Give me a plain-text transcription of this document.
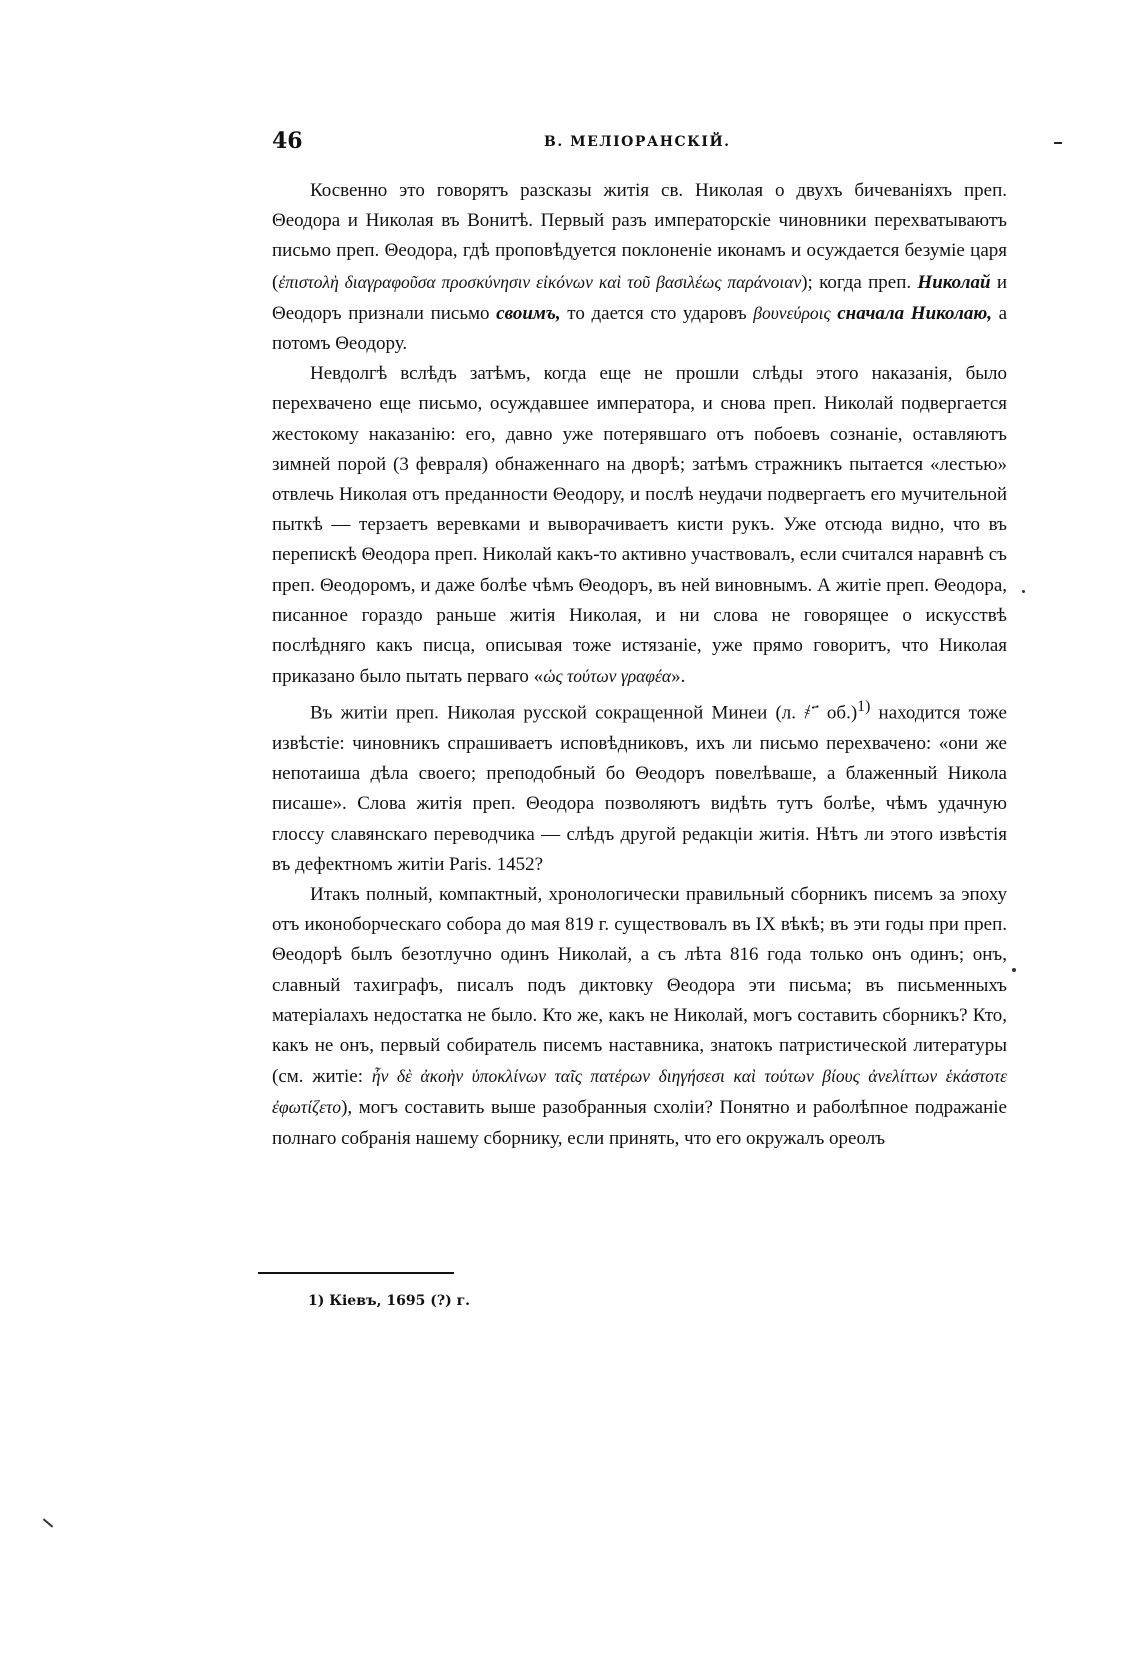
46	В. МЕЛІОРАНСКІЙ.

Косвенно это говорятъ разсказы житія св. Николая о двухъ бичеваніяхъ преп. Θеодора и Николая въ Вонитѣ. Первый разъ императорскіе чиновники перехватываютъ письмо преп. Θеодора, гдѣ проповѣдуется поклоненіе иконамъ и осуждается безуміе царя (ἐπιστολὴ διαγραφοῦσα προσκύνησιν εἰκόνων καὶ τοῦ βασιλέως παράνοιαν); когда преп. Николай и Θеодоръ признали письмо своимъ, то дается сто ударовъ βουνεύροις сначала Николаю, а потомъ Θеодору.

Невдолгѣ вслѣдъ затѣмъ, когда еще не прошли слѣды этого наказанія, было перехвачено еще письмо, осуждавшее императора, и снова преп. Николай подвергается жестокому наказанію: его, давно уже потерявшаго отъ побоевъ сознаніе, оставляютъ зимней порой (3 февраля) обнаженнаго на дворѣ; затѣмъ стражникъ пытается «лестью» отвлечь Николая отъ преданности Θеодору, и послѣ неудачи подвергаетъ его мучительной пыткѣ — терзаетъ веревками и выворачиваетъ кисти рукъ. Уже отсюда видно, что въ перепискѣ Θеодора преп. Николай какъ-то активно участвовалъ, если считался наравнѣ съ преп. Θеодоромъ, и даже болѣе чѣмъ Θеодоръ, въ ней виновнымъ. А житіе преп. Θеодора, писанное гораздо раньше житія Николая, и ни слова не говорящее о искусствѣ послѣдняго какъ писца, описывая тоже истязаніе, уже прямо говоритъ, что Николая приказано было пытать перваго «ὡς τούτων γραφέα».

Въ житіи преп. Николая русской сокращенной Минеи (л. ҂ ҃҃҃ об.)$^{1)}$ находится тоже извѣстіе: чиновникъ спрашиваетъ исповѣдниковъ, ихъ ли письмо перехвачено: «они же непотаиша дѣла своего; преподобный бо Θеодоръ повелѣваше, а блаженный Никола писаше». Слова житія преп. Θеодора позволяютъ видѣть тутъ болѣе, чѣмъ удачную глоссу славянскаго переводчика — слѣдъ другой редакціи житія. Нѣтъ ли этого извѣстія въ дефектномъ житіи Paris. 1452?

Итакъ полный, компактный, хронологически правильный сборникъ писемъ за эпоху отъ иконоборческаго собора до мая 819 г. существовалъ въ IX вѣкѣ; въ эти годы при преп. Θеодорѣ былъ безотлучно одинъ Николай, а съ лѣта 816 года только онъ одинъ; онъ, славный тахиграфъ, писалъ подъ диктовку Θеодора эти письма; въ письменныхъ матеріалахъ недостатка не было. Кто же, какъ не Николай, могъ составить сборникъ? Кто, какъ не онъ, первый собиратель писемъ наставника, знатокъ патристической литературы (см. житіе: ἦν δὲ ἀκοὴν ὑποκλίνων ταῖς πατέρων διηγήσεσι καὶ τούτων βίους ἀνελίττων ἑκάστοτε ἐφωτίζετο), могъ составить выше разобранныя схоліи? Понятно и раболѣпное подражаніе полнаго собранія нашему сборнику, если принять, что его окружалъ ореолъ

1) Кіевъ, 1695 (?) г.
